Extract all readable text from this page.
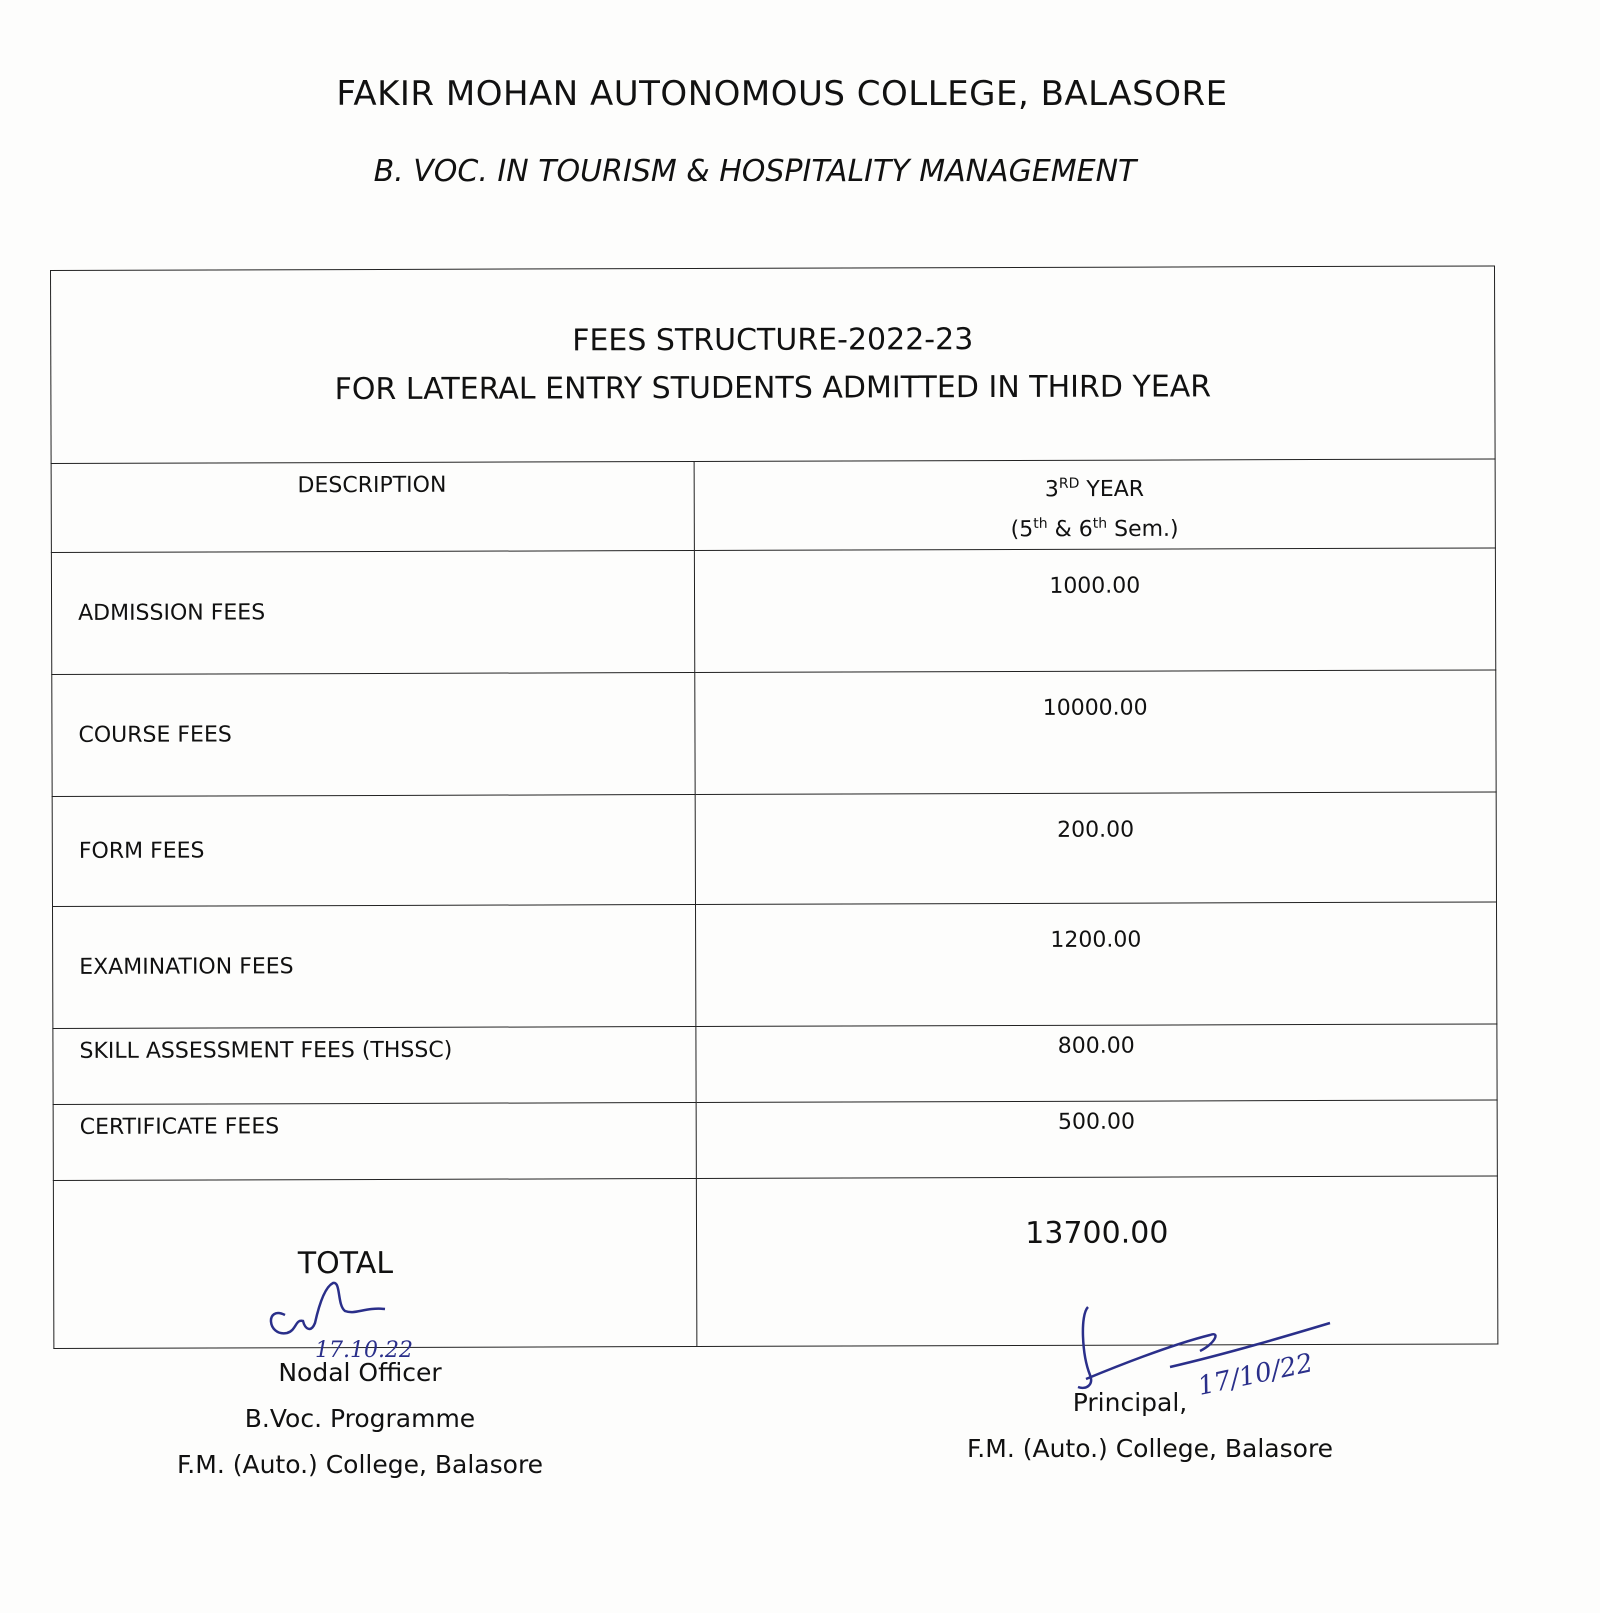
FAKIR MOHAN AUTONOMOUS COLLEGE, BALASORE
B. VOC. IN TOURISM & HOSPITALITY MANAGEMENT
FEES STRUCTURE-2022-23
FOR LATERAL ENTRY STUDENTS ADMITTED IN THIRD YEAR	

DESCRIPTION	3RD YEAR
(5th & 6th Sem.)

ADMISSION FEES	1000.00
COURSE FEES	10000.00
FORM FEES	200.00
EXAMINATION FEES	1200.00
SKILL ASSESSMENT FEES (THSSC)	800.00
CERTIFICATE FEES	500.00
TOTAL	13700.00
17.10.22
Nodal Officer
B.Voc. Programme
F.M. (Auto.) College, Balasore
17/10/22
Principal,
F.M. (Auto.) College, Balasore
